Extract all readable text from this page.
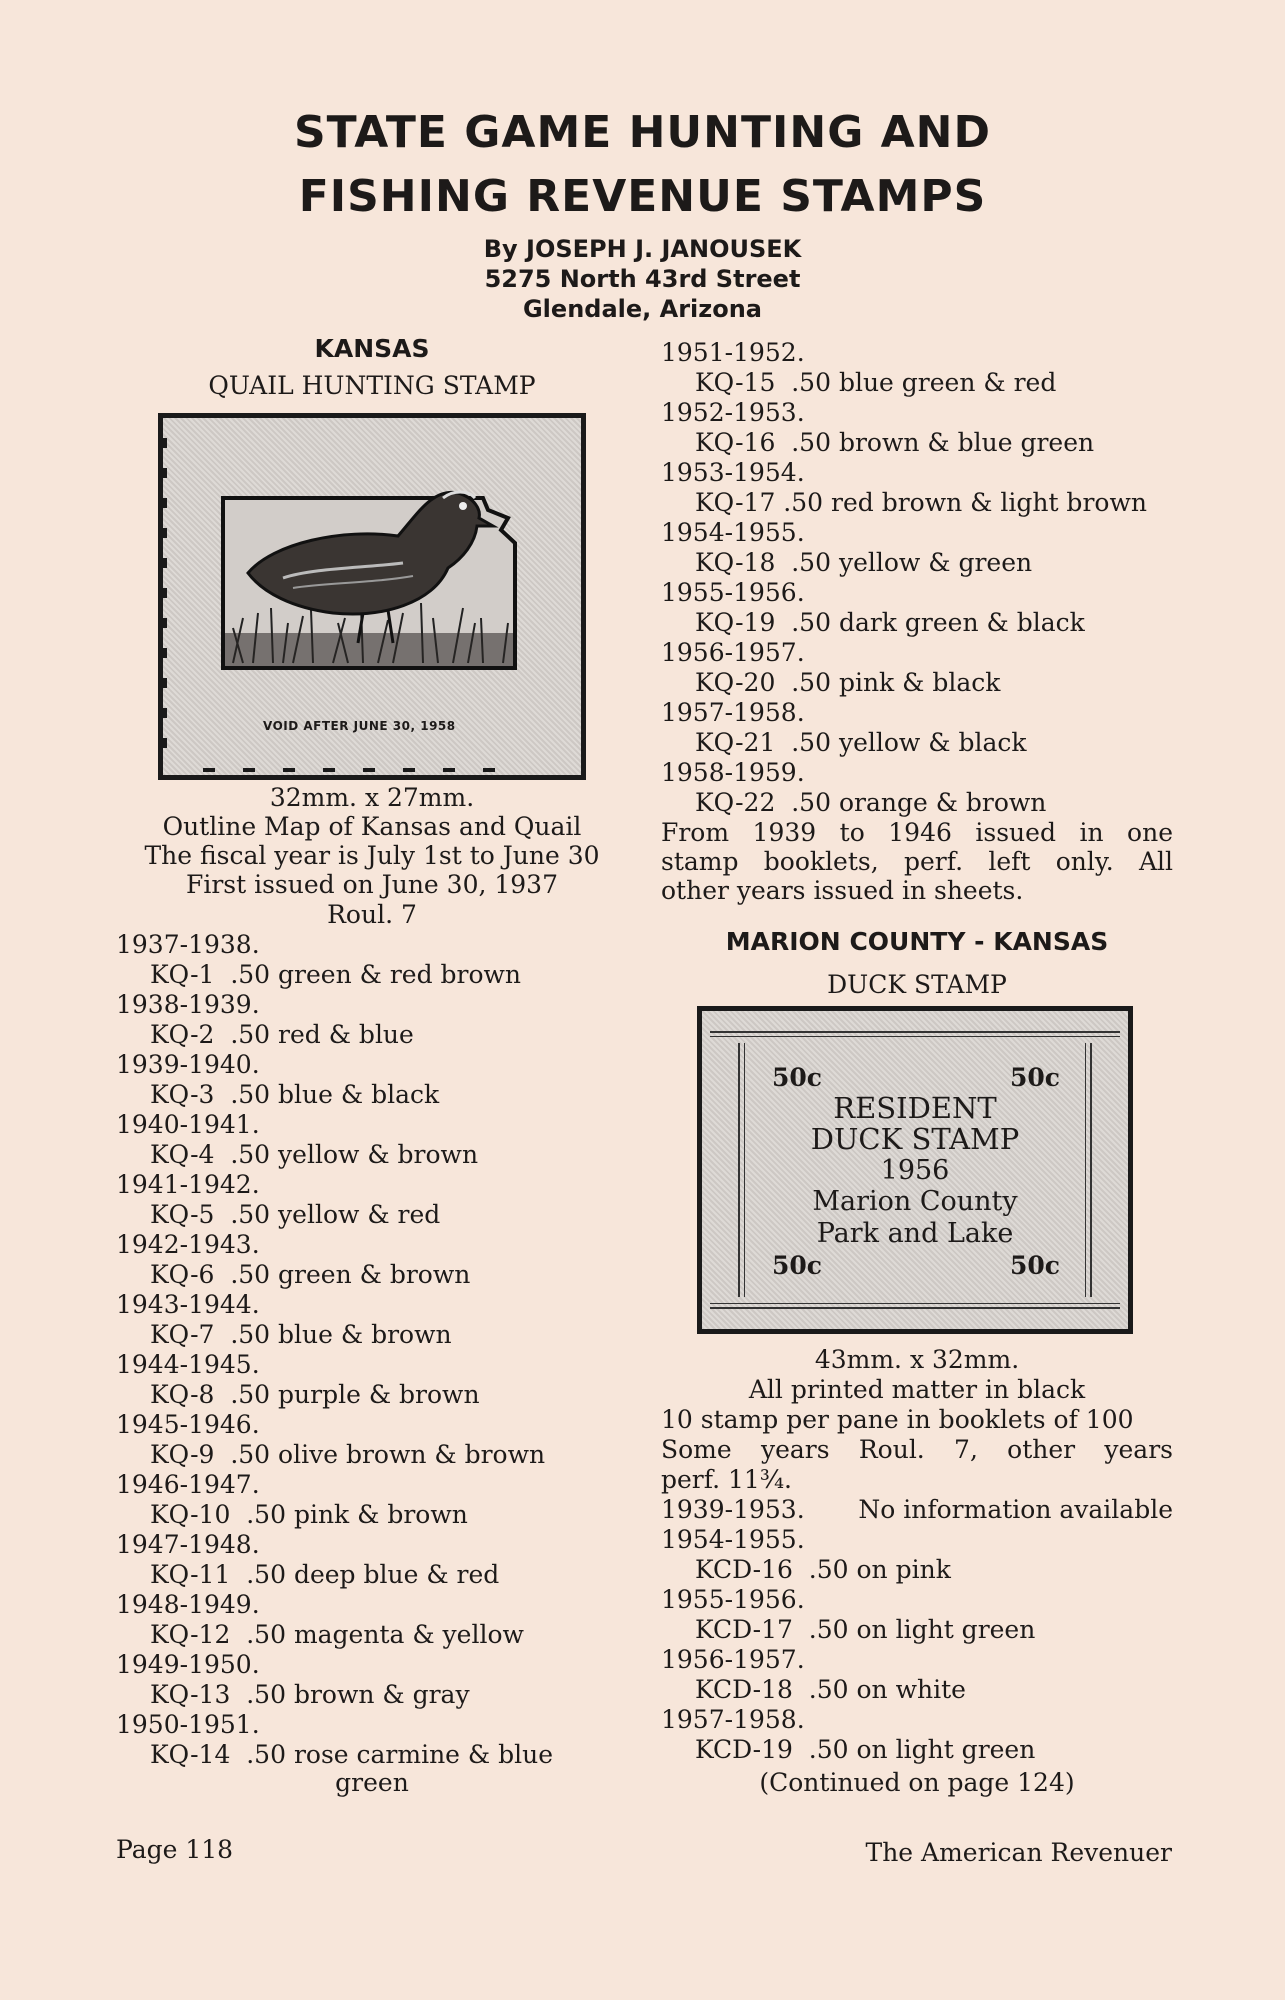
STATE GAME HUNTING AND
FISHING REVENUE STAMPS
By JOSEPH J. JANOUSEK
5275 North 43rd Street
Glendale, Arizona
KANSAS
QUAIL HUNTING STAMP
VOID AFTER JUNE 30, 1958
32mm. x 27mm.
Outline Map of Kansas and Quail
The fiscal year is July 1st to June 30
First issued on June 30, 1937
Roul. 7
1937-1938.
KQ-1  .50 green & red brown
1938-1939.
KQ-2  .50 red & blue
1939-1940.
KQ-3  .50 blue & black
1940-1941.
KQ-4  .50 yellow & brown
1941-1942.
KQ-5  .50 yellow & red
1942-1943.
KQ-6  .50 green & brown
1943-1944.
KQ-7  .50 blue & brown
1944-1945.
KQ-8  .50 purple & brown
1945-1946.
KQ-9  .50 olive brown & brown
1946-1947.
KQ-10  .50 pink & brown
1947-1948.
KQ-11  .50 deep blue & red
1948-1949.
KQ-12  .50 magenta & yellow
1949-1950.
KQ-13  .50 brown & gray
1950-1951.
KQ-14  .50 rose carmine & blue
green
1951-1952.
KQ-15  .50 blue green & red
1952-1953.
KQ-16  .50 brown & blue green
1953-1954.
KQ-17 .50 red brown & light brown
1954-1955.
KQ-18  .50 yellow & green
1955-1956.
KQ-19  .50 dark green & black
1956-1957.
KQ-20  .50 pink & black
1957-1958.
KQ-21  .50 yellow & black
1958-1959.
KQ-22  .50 orange & brown
From 1939 to 1946 issued in one
stamp booklets, perf. left only. All
other years issued in sheets.
MARION COUNTY - KANSAS
DUCK STAMP
50c	50c
RESIDENT
DUCK STAMP
1956
Marion County
Park and Lake
50c	50c
43mm. x 32mm.
All printed matter in black
10 stamp per pane in booklets of 100
Some years Roul. 7, other years
perf. 11¾.
1939-1953. No information available
1954-1955.
KCD-16  .50 on pink
1955-1956.
KCD-17  .50 on light green
1956-1957.
KCD-18  .50 on white
1957-1958.
KCD-19  .50 on light green
(Continued on page 124)
Page 118	The American Revenuer
